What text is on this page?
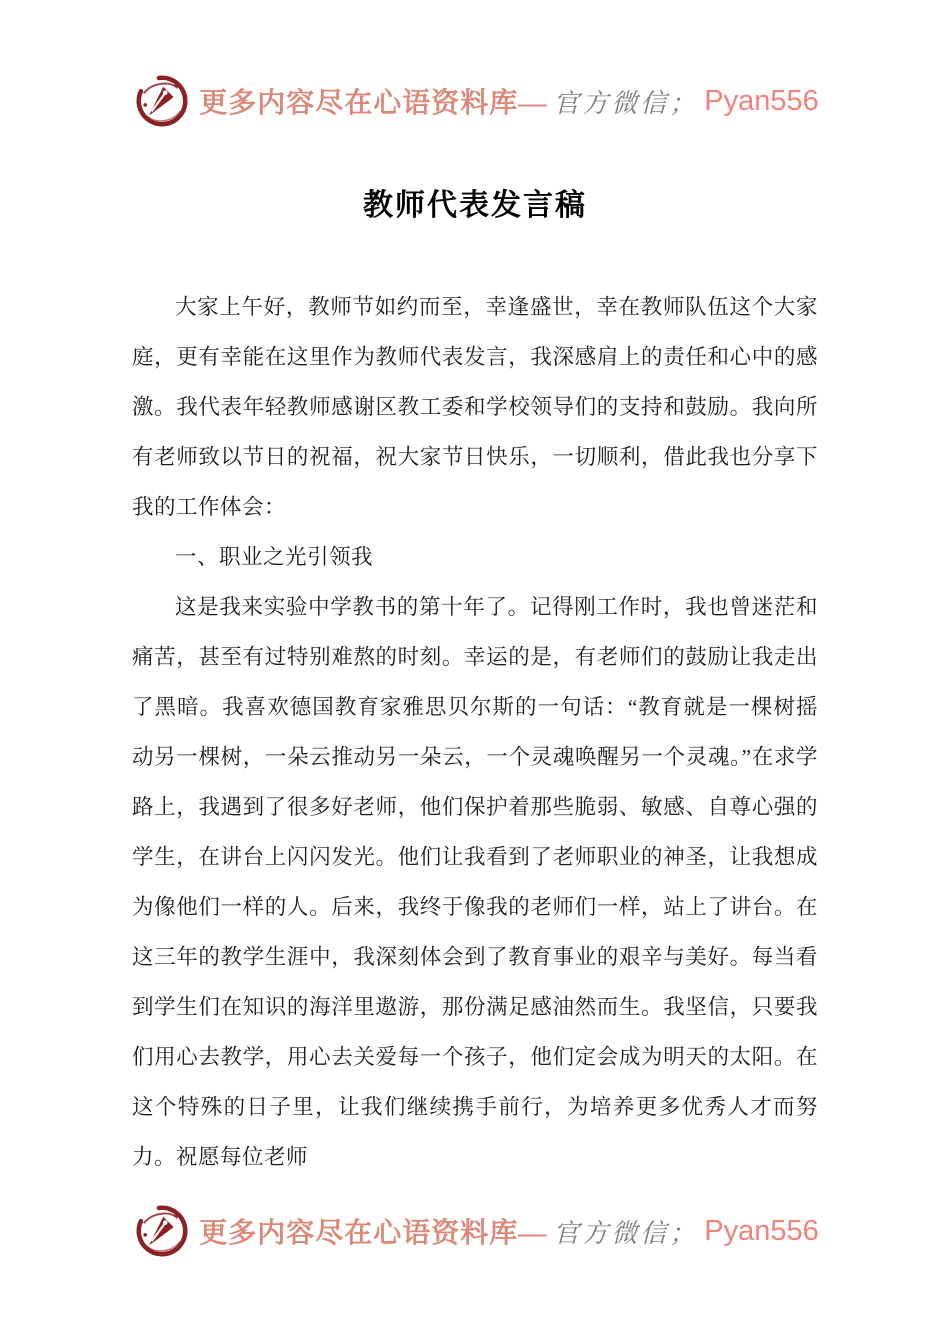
更多内容尽在心语资料库— 官方微信； Pyan556
教师代表发言稿

大家上午好，教师节如约而至，幸逢盛世，幸在教师队伍这个大家庭，更有幸能在这里作为教师代表发言，我深感肩上的责任和心中的感激。我代表年轻教师感谢区教工委和学校领导们的支持和鼓励。我向所有老师致以节日的祝福，祝大家节日快乐，一切顺利，借此我也分享下我的工作体会：

一、职业之光引领我

这是我来实验中学教书的第十年了。记得刚工作时，我也曾迷茫和痛苦，甚至有过特别难熬的时刻。幸运的是，有老师们的鼓励让我走出了黑暗。我喜欢德国教育家雅思贝尔斯的一句话：“教育就是一棵树摇动另一棵树，一朵云推动另一朵云，一个灵魂唤醒另一个灵魂。”在求学路上，我遇到了很多好老师，他们保护着那些脆弱、敏感、自尊心强的学生，在讲台上闪闪发光。他们让我看到了老师职业的神圣，让我想成为像他们一样的人。后来，我终于像我的老师们一样，站上了讲台。在这三年的教学生涯中，我深刻体会到了教育事业的艰辛与美好。每当看到学生们在知识的海洋里遨游，那份满足感油然而生。我坚信，只要我们用心去教学，用心去关爱每一个孩子，他们定会成为明天的太阳。在这个特殊的日子里，让我们继续携手前行，为培养更多优秀人才而努力。祝愿每位老师

更多内容尽在心语资料库— 官方微信； Pyan556
